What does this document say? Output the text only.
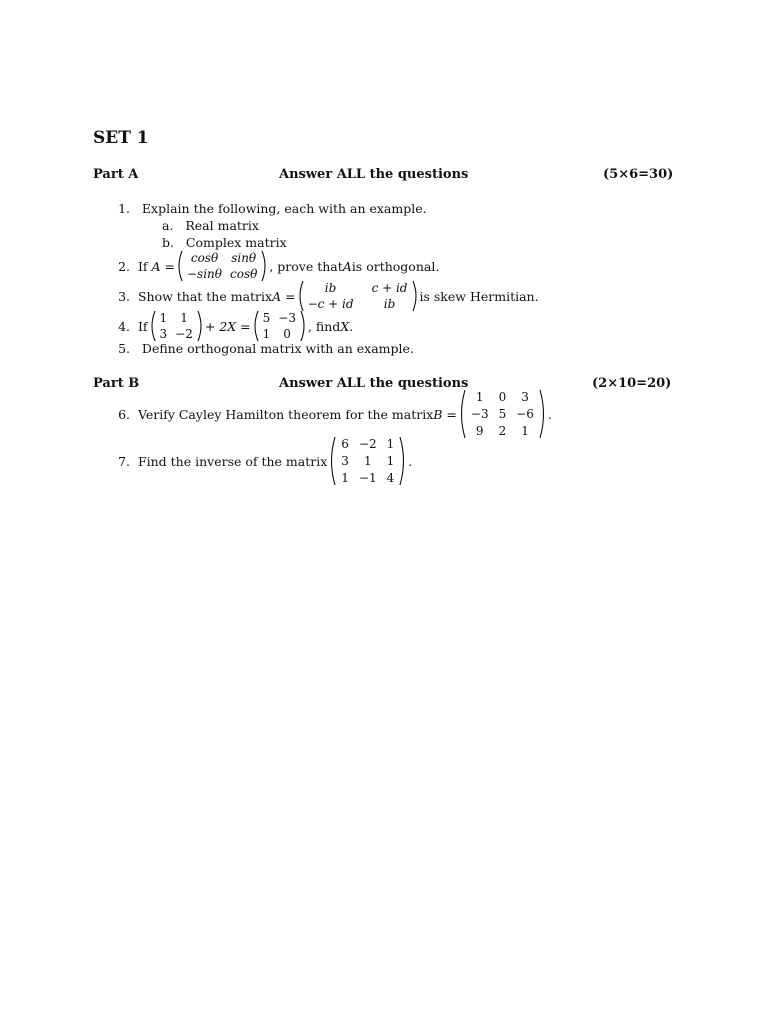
SET 1
Part A	Answer ALL the questions	(5×6=30)
1. Explain the following, each with an example.
a. Real matrix
b. Complex matrix
2.
If
A =
cosθ	sinθ
−sinθ	cosθ
, prove that A is orthogonal.
3.
Show that the matrix A =
ib	c + id
−c + id	ib
is skew Hermitian.
4.
If
1	1
3	−2
+ 2X =
5	−3
1	0
, find X .
5. Define orthogonal matrix with an example.
Part B	Answer ALL the questions	(2×10=20)
6.
Verify Cayley Hamilton theorem for the matrix B =
1	0	3
−3	5	−6
9	2	1
.
7.
Find the inverse of the matrix
6	−2	1
3	1	1
1	−1	4
.
